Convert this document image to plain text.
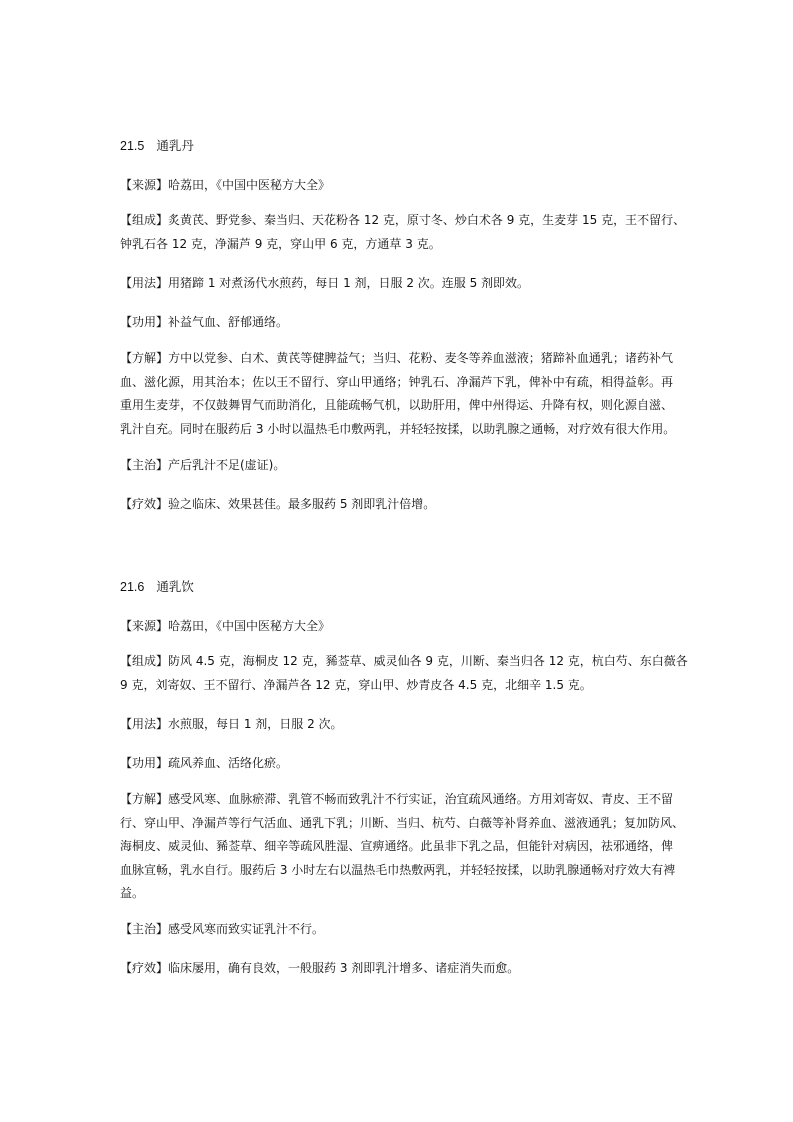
21.5 通乳丹
【来源】哈荔田，《中国中医秘方大全》
【组成】炙黄芪、野党参、秦当归、天花粉各 12 克，原寸冬、炒白术各 9 克，生麦芽 15 克，王不留行、
钟乳石各 12 克，净漏芦 9 克，穿山甲 6 克，方通草 3 克。
【用法】用猪蹄 1 对煮汤代水煎药，每日 1 剂，日服 2 次。连服 5 剂即效。
【功用】补益气血、舒郁通络。
【方解】方中以党参、白术、黄芪等健脾益气；当归、花粉、麦冬等养血滋液；猪蹄补血通乳；诸药补气
血、滋化源，用其治本；佐以王不留行、穿山甲通络；钟乳石、净漏芦下乳，俾补中有疏，相得益彰。再
重用生麦芽，不仅鼓舞胃气而助消化，且能疏畅气机，以助肝用，俾中州得运、升降有权，则化源自滋、
乳汁自充。同时在服药后 3 小时以温热毛巾敷两乳，并轻轻按揉，以助乳腺之通畅，对疗效有很大作用。
【主治】产后乳汁不足(虚证)。
【疗效】验之临床、效果甚佳。最多服药 5 剂即乳汁倍增。
21.6 通乳饮
【来源】哈荔田，《中国中医秘方大全》
【组成】防风 4.5 克，海桐皮 12 克，豨莶草、威灵仙各 9 克，川断、秦当归各 12 克，杭白芍、东白薇各
9 克，刘寄奴、王不留行、净漏芦各 12 克，穿山甲、炒青皮各 4.5 克，北细辛 1.5 克。
【用法】水煎服，每日 1 剂，日服 2 次。
【功用】疏风养血、活络化瘀。
【方解】感受风寒、血脉瘀滞、乳管不畅而致乳汁不行实证，治宜疏风通络。方用刘寄奴、青皮、王不留
行、穿山甲、净漏芦等行气活血、通乳下乳；川断、当归、杭芍、白薇等补肾养血、滋液通乳；复加防风、
海桐皮、威灵仙、豨莶草、细辛等疏风胜湿、宣痹通络。此虽非下乳之品，但能针对病因，祛邪通络，俾
血脉宣畅，乳水自行。服药后 3 小时左右以温热毛巾热敷两乳，并轻轻按揉，以助乳腺通畅对疗效大有裨
益。
【主治】感受风寒而致实证乳汁不行。
【疗效】临床屡用，确有良效，一般服药 3 剂即乳汁增多、诸症消失而愈。
